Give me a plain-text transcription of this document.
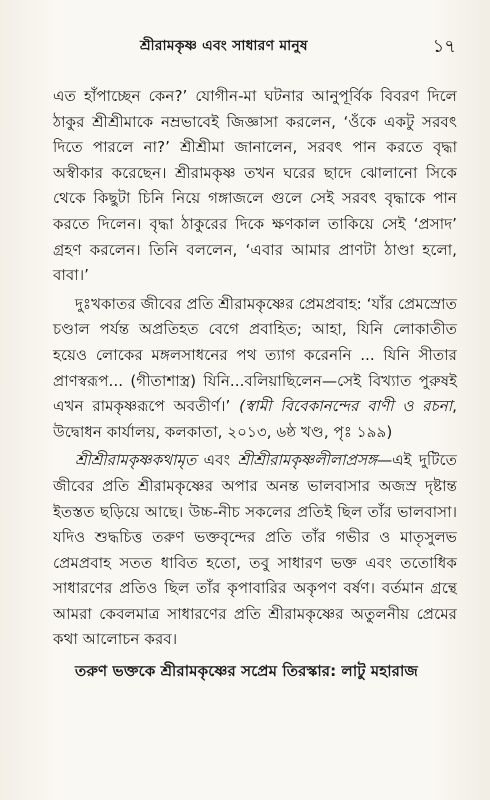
শ্রীরামকৃষ্ণ এবং সাধারণ মানুষ	১৭

এত হাঁপাচ্ছেন কেন?’ যোগীন-মা ঘটনার আনুপূর্বিক বিবরণ দিলে ঠাকুর শ্রীশ্রীমাকে নম্রভাবেই জিজ্ঞাসা করলেন, ‘ওঁকে একটু সরবৎ দিতে পারলে না?’ শ্রীশ্রীমা জানালেন, সরবৎ পান করতে বৃদ্ধা অস্বীকার করেছেন। শ্রীরামকৃষ্ণ তখন ঘরের ছাদে ঝোলানো সিকে থেকে কিছুটা চিনি নিয়ে গঙ্গাজলে গুলে সেই সরবৎ বৃদ্ধাকে পান করতে দিলেন। বৃদ্ধা ঠাকুরের দিকে ক্ষণকাল তাকিয়ে সেই ‘প্রসাদ’ গ্রহণ করলেন। তিনি বললেন, ‘এবার আমার প্রাণটা ঠাণ্ডা হলো, বাবা।’

দুঃখকাতর জীবের প্রতি শ্রীরামকৃষ্ণের প্রেমপ্রবাহ: ‘যাঁর প্রেমস্রোত চণ্ডাল পর্যন্ত অপ্রতিহত বেগে প্রবাহিত; আহা, যিনি লোকাতীত হয়েও লোকের মঙ্গলসাধনের পথ ত্যাগ করেননি ... যিনি সীতার প্রাণস্বরূপ... (গীতাশাস্ত্র) যিনি...বলিয়াছিলেন—সেই বিখ্যাত পুরুষই এখন রামকৃষ্ণরূপে অবতীর্ণ।’ (স্বামী বিবেকানন্দের বাণী ও রচনা, উদ্বোধন কার্যালয়, কলকাতা, ২০১৩, ৬ষ্ঠ খণ্ড, পৃঃ ১৯৯)

শ্রীশ্রীরামকৃষ্ণকথামৃত এবং শ্রীশ্রীরামকৃষ্ণলীলাপ্রসঙ্গ—এই দুটিতে জীবের প্রতি শ্রীরামকৃষ্ণের অপার অনন্ত ভালবাসার অজস্র দৃষ্টান্ত ইতস্তত ছড়িয়ে আছে। উচ্চ-নীচ সকলের প্রতিই ছিল তাঁর ভালবাসা। যদিও শুদ্ধচিত্ত তরুণ ভক্তবৃন্দের প্রতি তাঁর গভীর ও মাতৃসুলভ প্রেমপ্রবাহ সতত ধাবিত হতো, তবু সাধারণ ভক্ত এবং ততোধিক সাধারণের প্রতিও ছিল তাঁর কৃপাবারির অকৃপণ বর্ষণ। বর্তমান গ্রন্থে আমরা কেবলমাত্র সাধারণের প্রতি শ্রীরামকৃষ্ণের অতুলনীয় প্রেমের কথা আলোচন করব।

তরুণ ভক্তকে শ্রীরামকৃষ্ণের সপ্রেম তিরস্কার: লাটু মহারাজ
